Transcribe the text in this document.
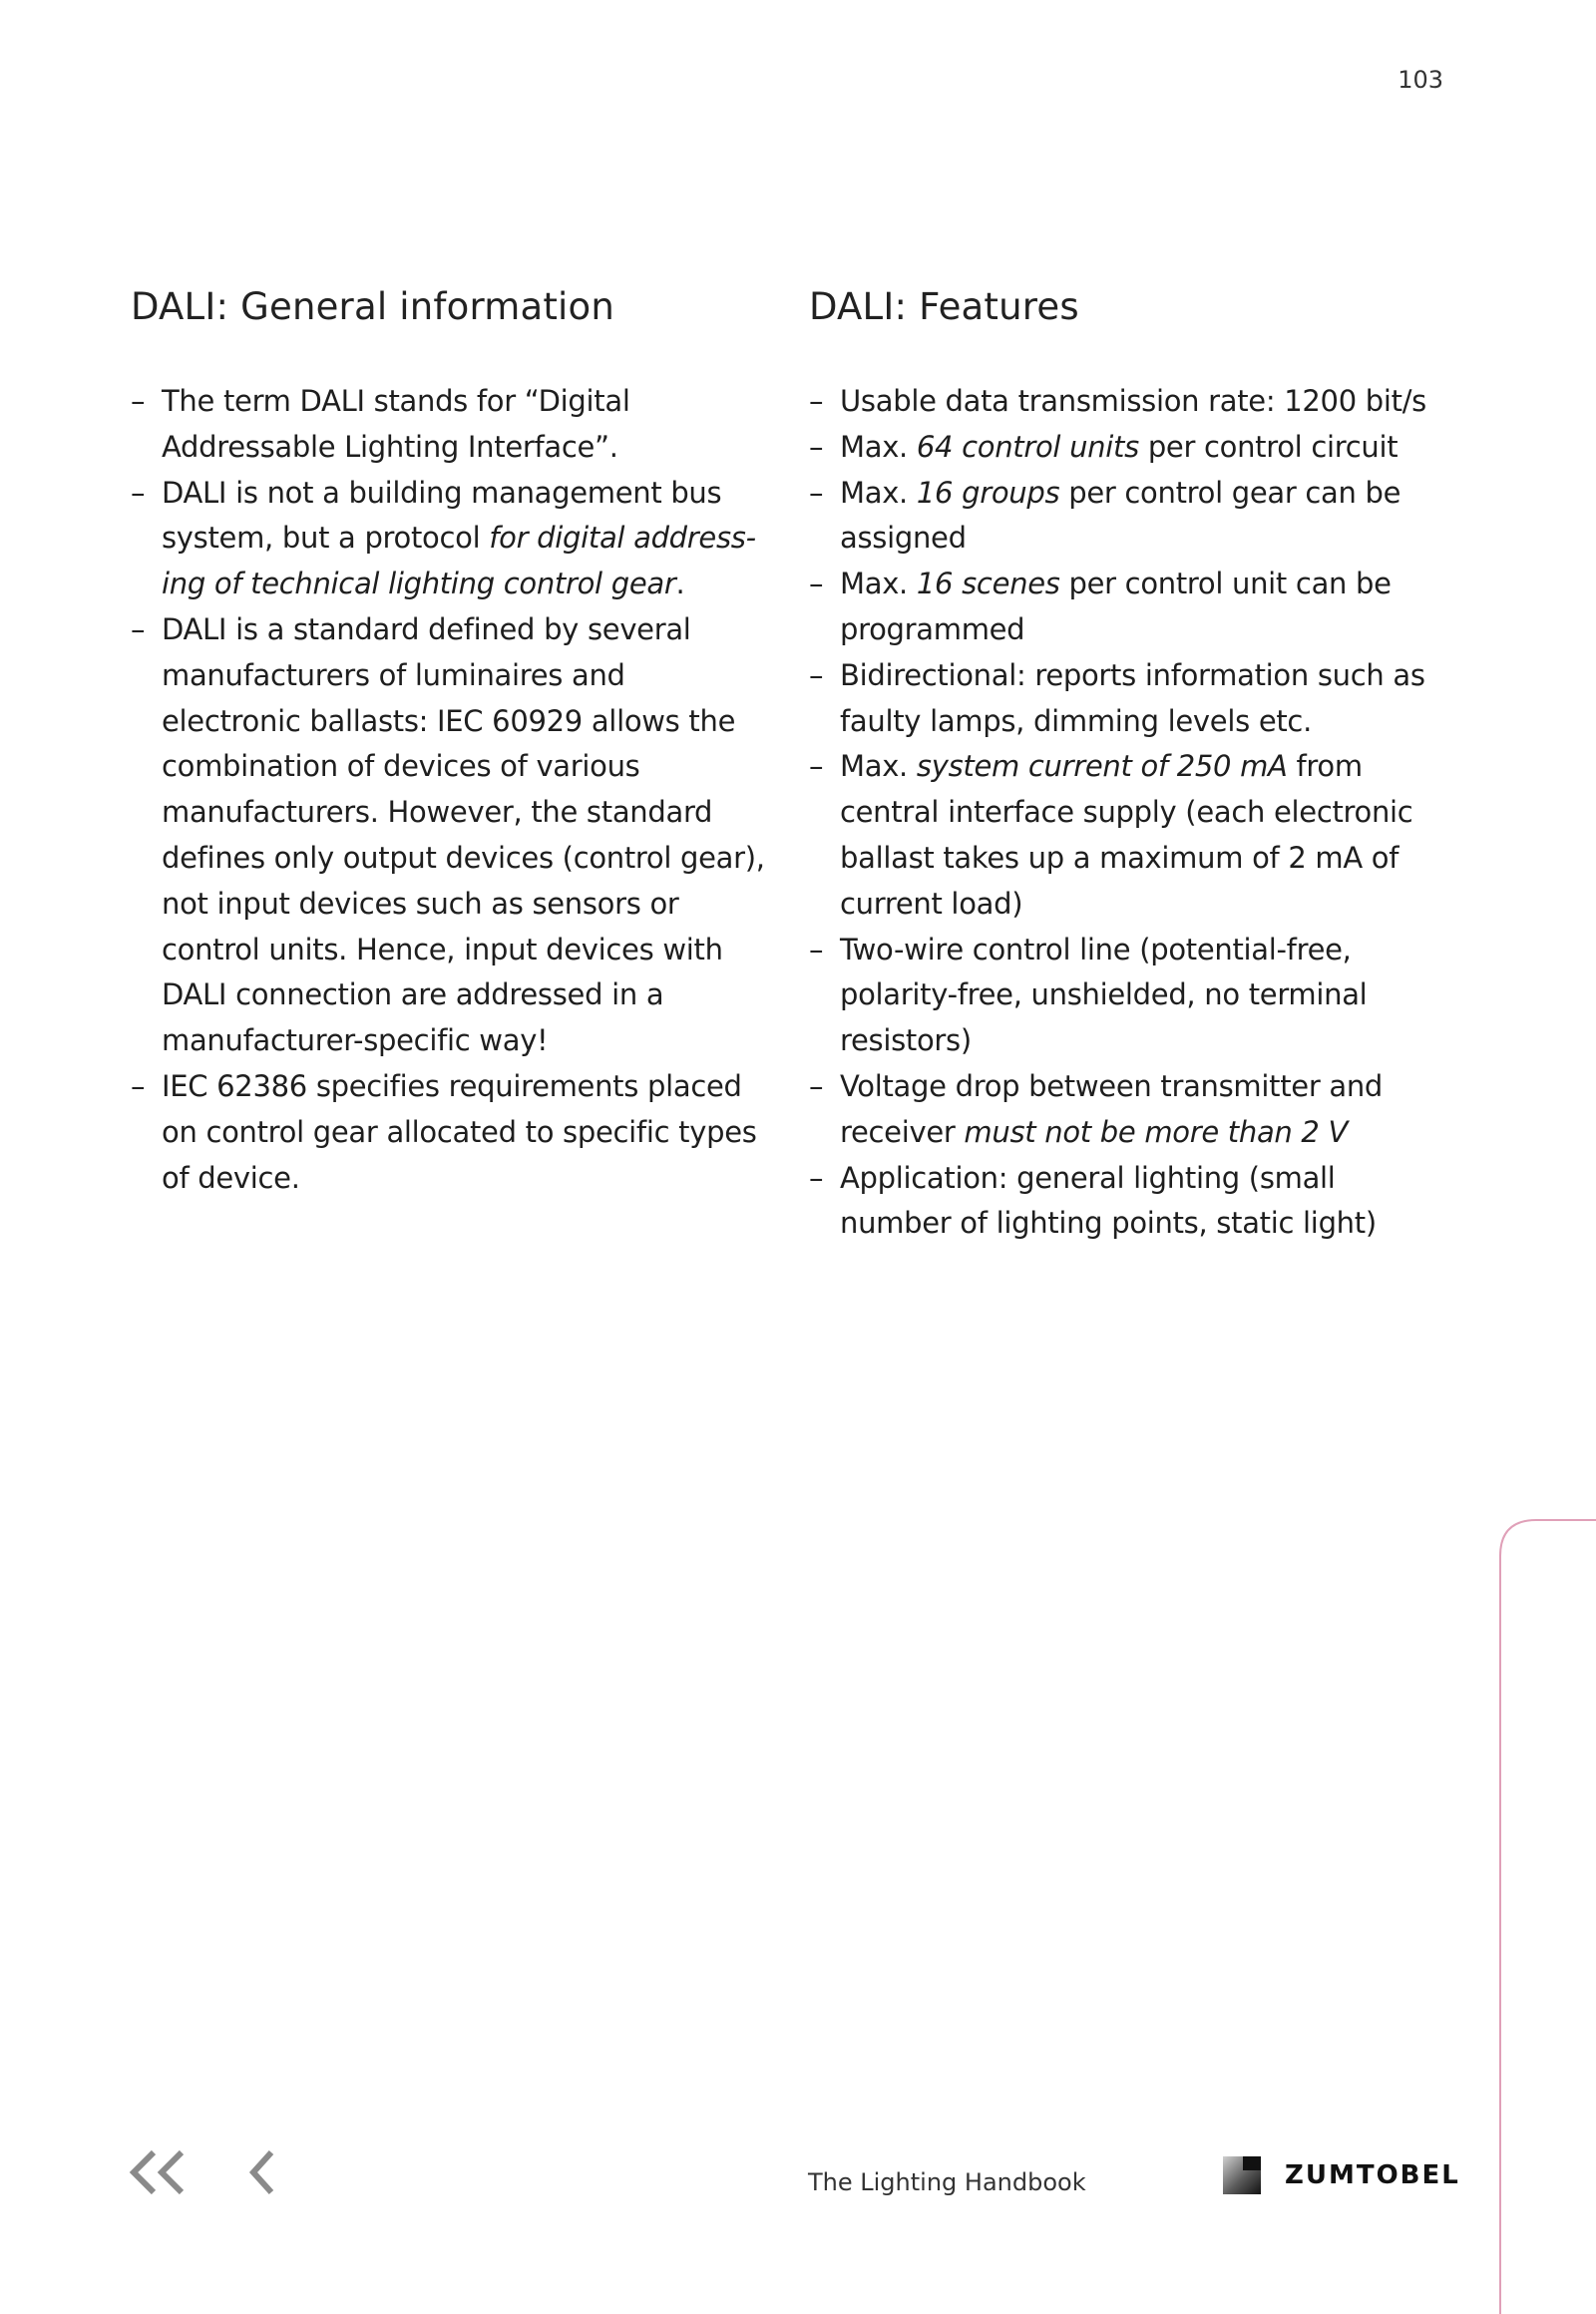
103
DALI: General information
– The term DALI stands for “Digital Addressable Lighting Interface”.
– DALI is not a building management bus system, but a protocol for digital addressing of technical lighting control gear.
– DALI is a standard defined by several manufacturers of luminaires and electronic ballasts: IEC 60929 allows the combination of devices of various manufacturers. However, the standard defines only output devices (control gear), not input devices such as sensors or control units. Hence, input devices with DALI connection are addressed in a manufacturer-specific way!
– IEC 62386 specifies requirements placed on control gear allocated to specific types of device.
DALI: Features
– Usable data transmission rate: 1200 bit/s
– Max. 64 control units per control circuit
– Max. 16 groups per control gear can be assigned
– Max. 16 scenes per control unit can be programmed
– Bidirectional: reports information such as faulty lamps, dimming levels etc.
– Max. system current of 250 mA from central interface supply (each electronic ballast takes up a maximum of 2 mA of current load)
– Two-wire control line (potential-free, polarity-free, unshielded, no terminal resistors)
– Voltage drop between transmitter and receiver must not be more than 2 V
– Application: general lighting (small number of lighting points, static light)
The Lighting Handbook	ZUMTOBEL
